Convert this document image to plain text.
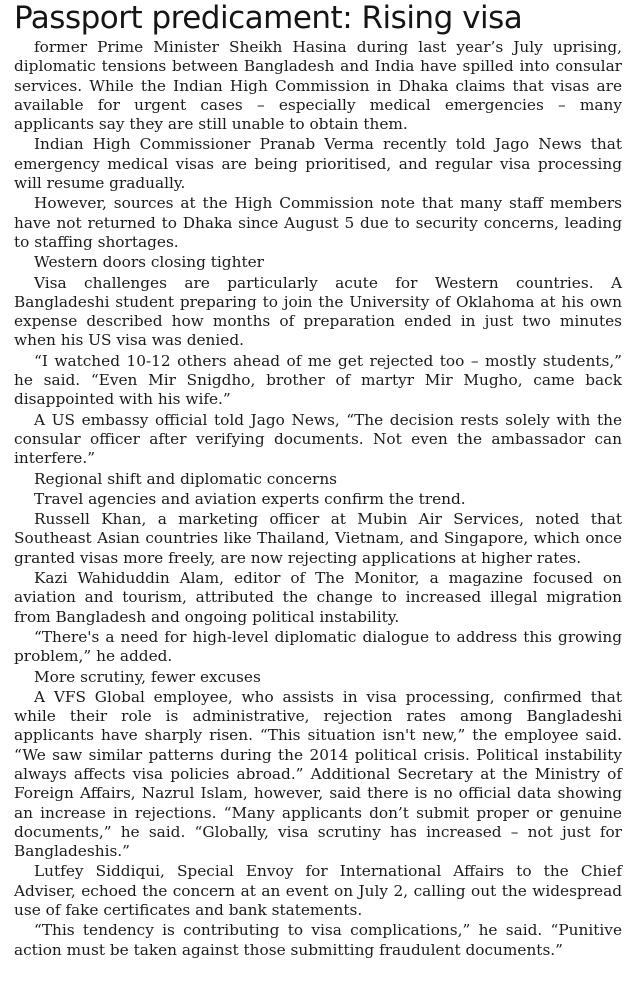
Passport predicament: Rising visa

former Prime Minister Sheikh Hasina during last year’s July uprising, diplomatic tensions between Bangladesh and India have spilled into consular services. While the Indian High Commission in Dhaka claims that visas are available for urgent cases – especially medical emergencies – many applicants say they are still unable to obtain them.

Indian High Commissioner Pranab Verma recently told Jago News that emergency medical visas are being prioritised, and regular visa processing will resume gradually.

However, sources at the High Commission note that many staff members have not returned to Dhaka since August 5 due to security concerns, leading to staffing shortages.

Western doors closing tighter

Visa challenges are particularly acute for Western countries. A Bangladeshi student preparing to join the University of Oklahoma at his own expense described how months of preparation ended in just two minutes when his US visa was denied.

“I watched 10-12 others ahead of me get rejected too – mostly students,” he said. “Even Mir Snigdho, brother of martyr Mir Mugho, came back disappointed with his wife.”

A US embassy official told Jago News, “The decision rests solely with the consular officer after verifying documents. Not even the ambassador can interfere.”

Regional shift and diplomatic concerns

Travel agencies and aviation experts confirm the trend.

Russell Khan, a marketing officer at Mubin Air Services, noted that Southeast Asian countries like Thailand, Vietnam, and Singapore, which once granted visas more freely, are now rejecting applications at higher rates.

Kazi Wahiduddin Alam, editor of The Monitor, a magazine focused on aviation and tourism, attributed the change to increased illegal migration from Bangladesh and ongoing political instability.

“There's a need for high-level diplomatic dialogue to address this growing problem,” he added.

More scrutiny, fewer excuses

A VFS Global employee, who assists in visa processing, confirmed that while their role is administrative, rejection rates among Bangladeshi applicants have sharply risen. “This situation isn't new,” the employee said. “We saw similar patterns during the 2014 political crisis. Political instability always affects visa policies abroad.” Additional Secretary at the Ministry of Foreign Affairs, Nazrul Islam, however, said there is no official data showing an increase in rejections. “Many applicants don’t submit proper or genuine documents,” he said. “Globally, visa scrutiny has increased – not just for Bangladeshis.”

Lutfey Siddiqui, Special Envoy for International Affairs to the Chief Adviser, echoed the concern at an event on July 2, calling out the widespread use of fake certificates and bank statements.

“This tendency is contributing to visa complications,” he said. “Punitive action must be taken against those submitting fraudulent documents.”
